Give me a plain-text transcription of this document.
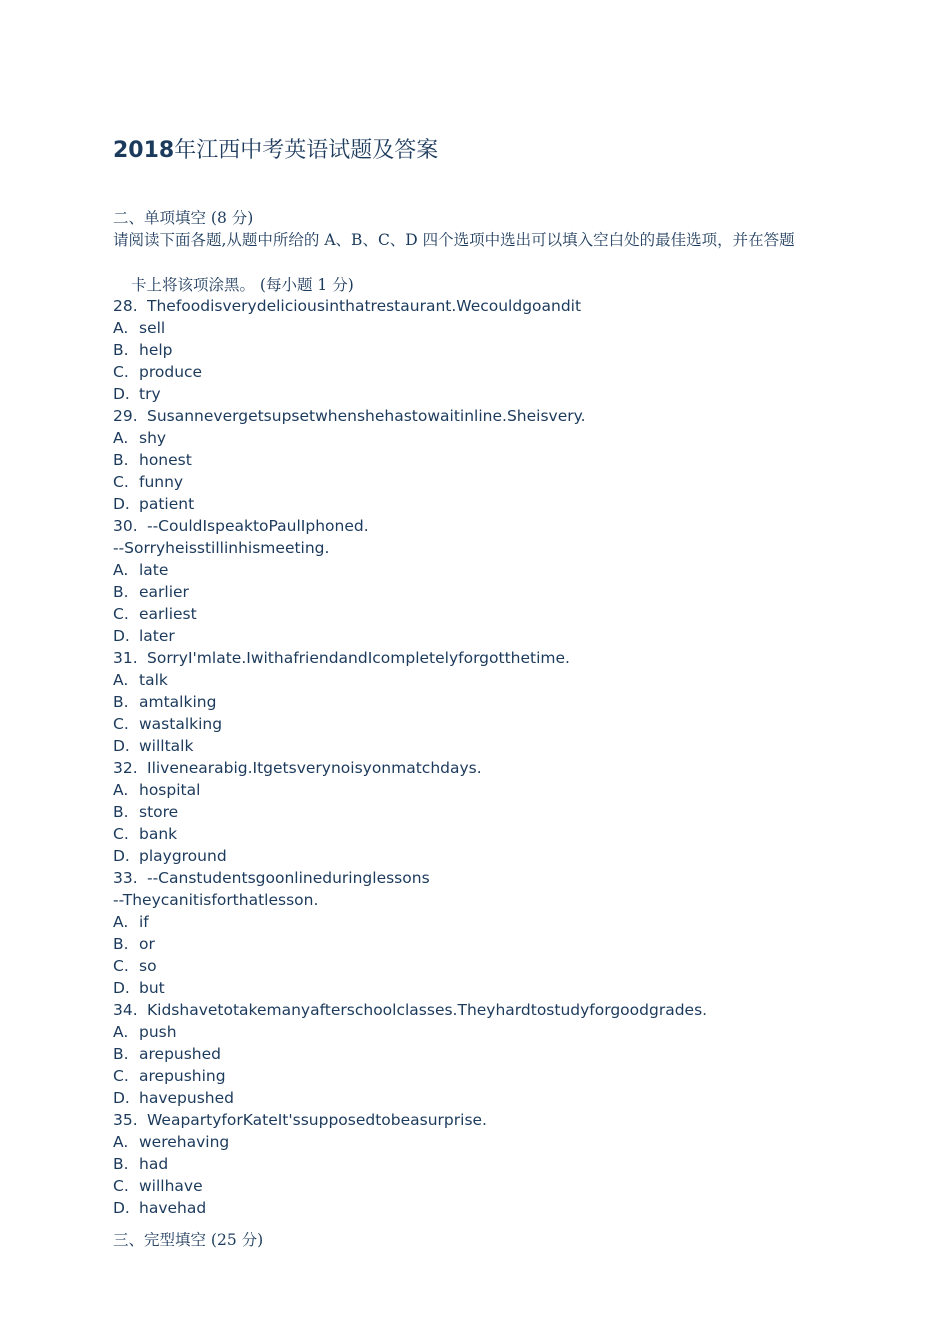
2018年江西中考英语试题及答案
二、单项填空 (8 分)
请阅读下面各题,从题中所给的 A、B、C、D 四个选项中选出可以填入空白处的最佳选项，并在答题
卡上将该项涂黑。 (每小题 1 分)
28. Thefoodisverydeliciousinthatrestaurant.Wecouldgoandit
A. sell
B. help
C. produce
D. try
29. Susannevergetsupsetwhenshehastowaitinline.Sheisvery.
A. shy
B. honest
C. funny
D. patient
30. --CouldIspeaktoPaulIphoned.
--Sorryheisstillinhismeeting.
A. late
B. earlier
C. earliest
D. later
31. SorryI'mlate.IwithafriendandIcompletelyforgotthetime.
A. talk
B. amtalking
C. wastalking
D. willtalk
32. Ilivenearabig.Itgetsverynoisyonmatchdays.
A. hospital
B. store
C. bank
D. playground
33. --Canstudentsgoonlineduringlessons
--Theycanitisforthatlesson.
A. if
B. or
C. so
D. but
34. Kidshavetotakemanyafterschoolclasses.Theyhardtostudyforgoodgrades.
A. push
B. arepushed
C. arepushing
D. havepushed
35. WeapartyforKateIt'ssupposedtobeasurprise.
A. werehaving
B. had
C. willhave
D. havehad
三、完型填空 (25 分)
